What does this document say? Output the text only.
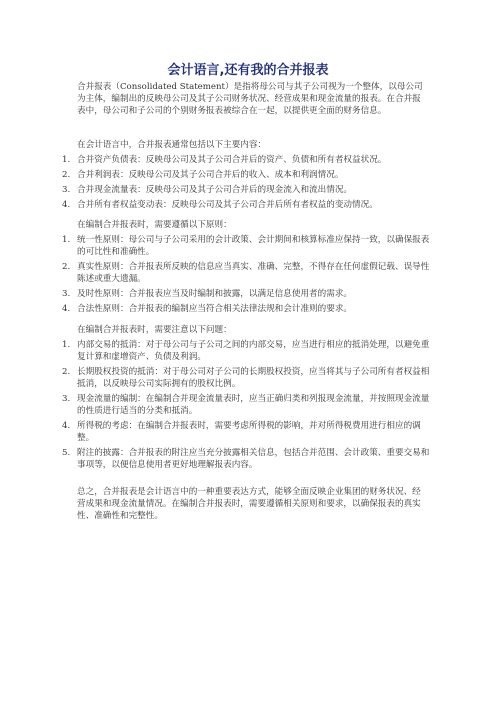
会计语言,还有我的合并报表
合并报表（Consolidated Statement）是指将母公司与其子公司视为一个整体，以母公司为主体，编制出的反映母公司及其子公司财务状况、经营成果和现金流量的报表。在合并报表中，母公司和子公司的个别财务报表被综合在一起，以提供更全面的财务信息。
在会计语言中，合并报表通常包括以下主要内容：
1. 合并资产负债表：反映母公司及其子公司合并后的资产、负债和所有者权益状况。
2. 合并利润表：反映母公司及其子公司合并后的收入、成本和利润情况。
3. 合并现金流量表：反映母公司及其子公司合并后的现金流入和流出情况。
4. 合并所有者权益变动表：反映母公司及其子公司合并后所有者权益的变动情况。
在编制合并报表时，需要遵循以下原则：
1. 统一性原则：母公司与子公司采用的会计政策、会计期间和核算标准应保持一致，以确保报表的可比性和准确性。
2. 真实性原则：合并报表所反映的信息应当真实、准确、完整，不得存在任何虚假记载、误导性陈述或重大遗漏。
3. 及时性原则：合并报表应当及时编制和披露，以满足信息使用者的需求。
4. 合法性原则：合并报表的编制应当符合相关法律法规和会计准则的要求。
在编制合并报表时，需要注意以下问题：
1. 内部交易的抵消：对于母公司与子公司之间的内部交易，应当进行相应的抵消处理，以避免重复计算和虚增资产、负债及利润。
2. 长期股权投资的抵消：对于母公司对子公司的长期股权投资，应当将其与子公司所有者权益相抵消，以反映母公司实际拥有的股权比例。
3. 现金流量的编制：在编制合并现金流量表时，应当正确归类和列报现金流量，并按照现金流量的性质进行适当的分类和抵消。
4. 所得税的考虑：在编制合并报表时，需要考虑所得税的影响，并对所得税费用进行相应的调整。
5. 附注的披露：合并报表的附注应当充分披露相关信息，包括合并范围、会计政策、重要交易和事项等，以便信息使用者更好地理解报表内容。
总之，合并报表是会计语言中的一种重要表达方式，能够全面反映企业集团的财务状况、经营成果和现金流量情况。在编制合并报表时，需要遵循相关原则和要求，以确保报表的真实性、准确性和完整性。
